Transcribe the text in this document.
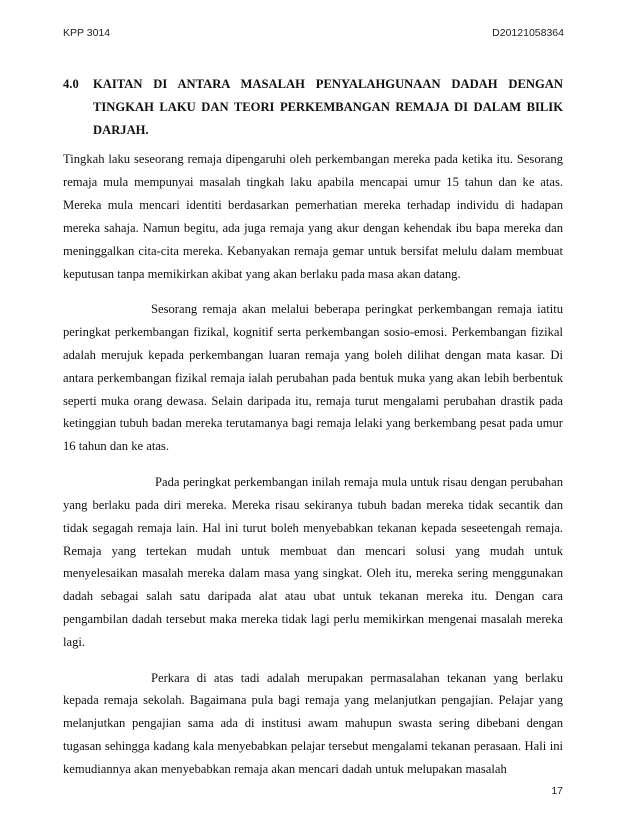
KPP 3014	D20121058364
4.0 KAITAN DI ANTARA MASALAH PENYALAHGUNAAN DADAH DENGAN TINGKAH LAKU DAN TEORI PERKEMBANGAN REMAJA DI DALAM BILIK DARJAH.

Tingkah laku seseorang remaja dipengaruhi oleh perkembangan mereka pada ketika itu. Sesorang remaja mula mempunyai masalah tingkah laku apabila mencapai umur 15 tahun dan ke atas. Mereka mula mencari identiti berdasarkan pemerhatian mereka terhadap individu di hadapan mereka sahaja. Namun begitu, ada juga remaja yang akur dengan kehendak ibu bapa mereka dan meninggalkan cita-cita mereka. Kebanyakan remaja gemar untuk bersifat melulu dalam membuat keputusan tanpa memikirkan akibat yang akan berlaku pada masa akan datang.

Sesorang remaja akan melalui beberapa peringkat perkembangan remaja iatitu peringkat perkembangan fizikal, kognitif serta perkembangan sosio-emosi. Perkembangan fizikal adalah merujuk kepada perkembangan luaran remaja yang boleh dilihat dengan mata kasar. Di antara perkembangan fizikal remaja ialah perubahan pada bentuk muka yang akan lebih berbentuk seperti muka orang dewasa. Selain daripada itu, remaja turut mengalami perubahan drastik pada ketinggian tubuh badan mereka terutamanya bagi remaja lelaki yang berkembang pesat pada umur 16 tahun dan ke atas.

Pada peringkat perkembangan inilah remaja mula untuk risau dengan perubahan yang berlaku pada diri mereka. Mereka risau sekiranya tubuh badan mereka tidak secantik dan tidak segagah remaja lain. Hal ini turut boleh menyebabkan tekanan kepada seseetengah remaja. Remaja yang tertekan mudah untuk membuat dan mencari solusi yang mudah untuk menyelesaikan masalah mereka dalam masa yang singkat. Oleh itu, mereka sering menggunakan dadah sebagai salah satu daripada alat atau ubat untuk tekanan mereka itu. Dengan cara pengambilan dadah tersebut maka mereka tidak lagi perlu memikirkan mengenai masalah mereka lagi.

Perkara di atas tadi adalah merupakan permasalahan tekanan yang berlaku kepada remaja sekolah. Bagaimana pula bagi remaja yang melanjutkan pengajian. Pelajar yang melanjutkan pengajian sama ada di institusi awam mahupun swasta sering dibebani dengan tugasan sehingga kadang kala menyebabkan pelajar tersebut mengalami tekanan perasaan. Hali ini kemudiannya akan menyebabkan remaja akan mencari dadah untuk melupakan masalah

17
